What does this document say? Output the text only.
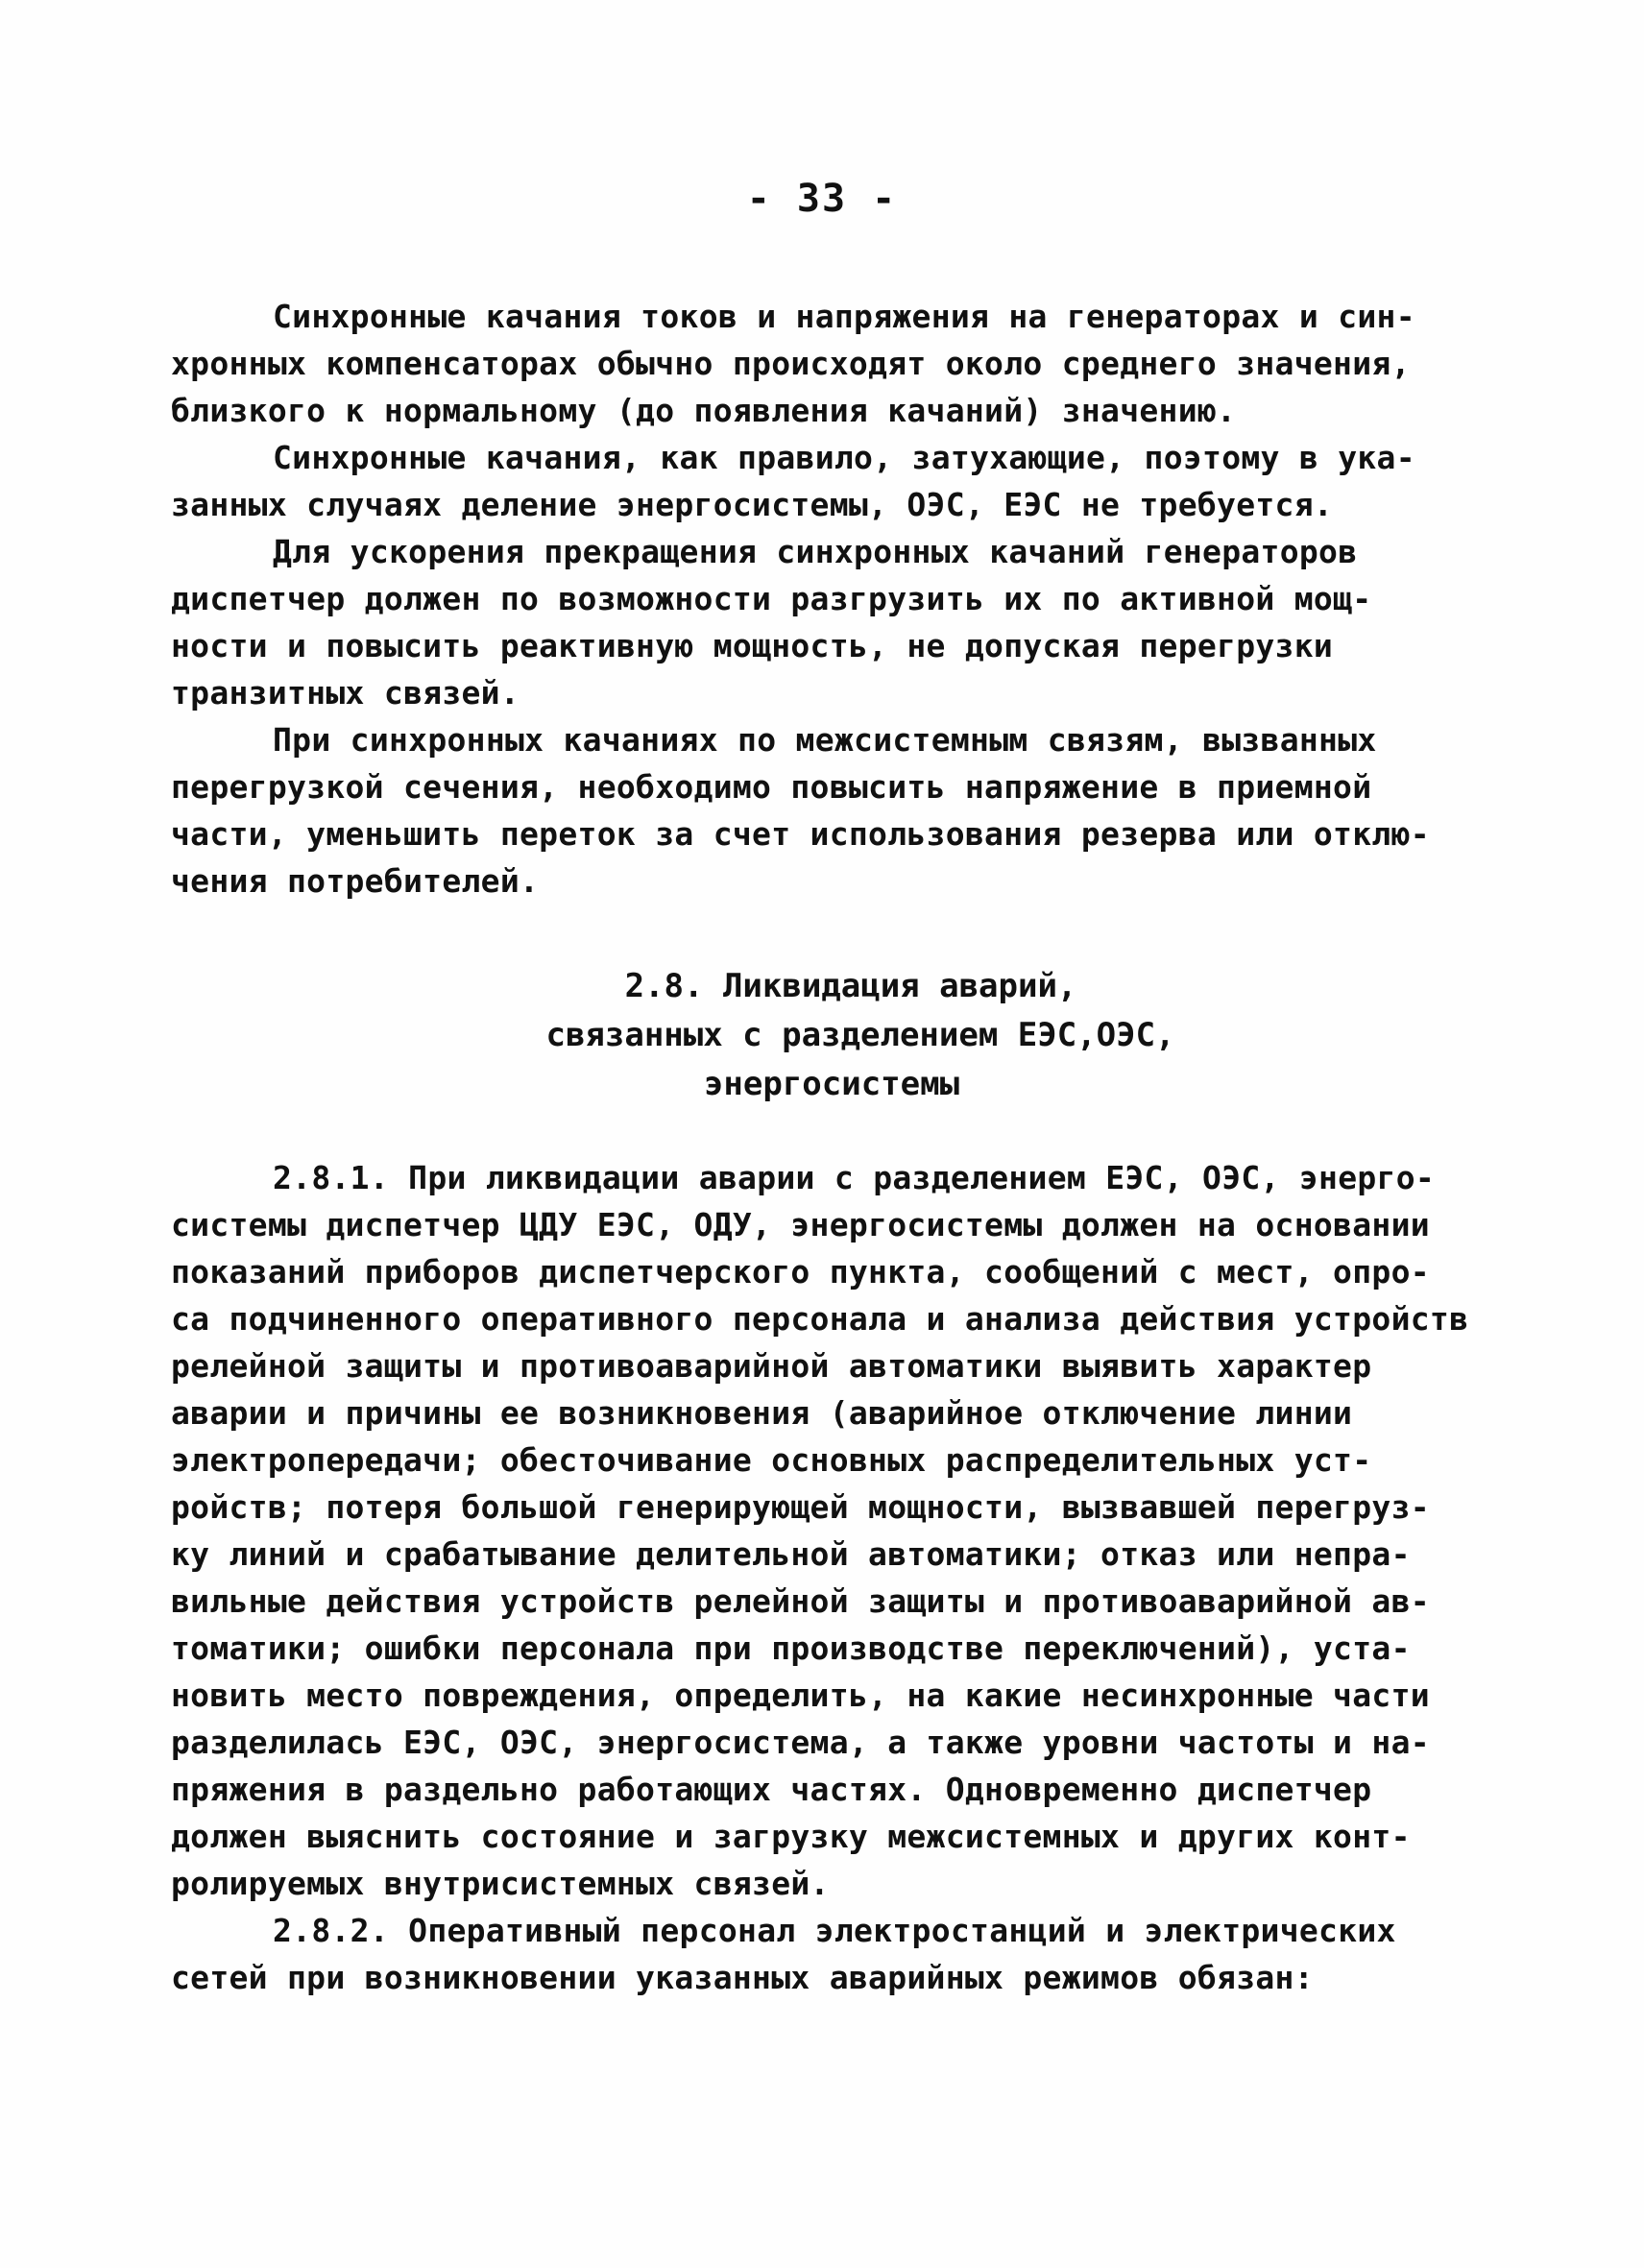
- 33 -
Синхронные качания токов и напряжения на генераторах и син-
хронных компенсаторах обычно происходят около среднего значения,
близкого к нормальному (до появления качаний) значению.
Синхронные качания, как правило, затухающие, поэтому в ука-
занных случаях деление энергосистемы, ОЭС, ЕЭС не требуется.
Для ускорения прекращения синхронных качаний генераторов
диспетчер должен по возможности разгрузить их по активной мощ-
ности и повысить реактивную мощность, не допуская перегрузки
транзитных связей.
При синхронных качаниях по межсистемным связям, вызванных
перегрузкой сечения, необходимо повысить напряжение в приемной
части, уменьшить переток за счет использования резерва или отклю-
чения потребителей.
2.8. Ликвидация аварий,
связанных с разделением ЕЭС,ОЭС,
энергосистемы
2.8.1. При ликвидации аварии с разделением ЕЭС, ОЭС, энерго-
системы диспетчер ЦДУ ЕЭС, ОДУ, энергосистемы должен на основании
показаний приборов диспетчерского пункта, сообщений с мест, опро-
са подчиненного оперативного персонала и анализа действия устройств
релейной защиты и противоаварийной автоматики выявить характер
аварии и причины ее возникновения (аварийное отключение линии
электропередачи; обесточивание основных распределительных уст-
ройств; потеря большой генерирующей мощности, вызвавшей перегруз-
ку линий и срабатывание делительной автоматики; отказ или непра-
вильные действия устройств релейной защиты и противоаварийной ав-
томатики; ошибки персонала при производстве переключений), уста-
новить место повреждения, определить, на какие несинхронные части
разделилась ЕЭС, ОЭС, энергосистема, а также уровни частоты и на-
пряжения в раздельно работающих частях. Одновременно диспетчер
должен выяснить состояние и загрузку межсистемных и других конт-
ролируемых внутрисистемных связей.
2.8.2. Оперативный персонал электростанций и электрических
сетей при возникновении указанных аварийных режимов обязан:
